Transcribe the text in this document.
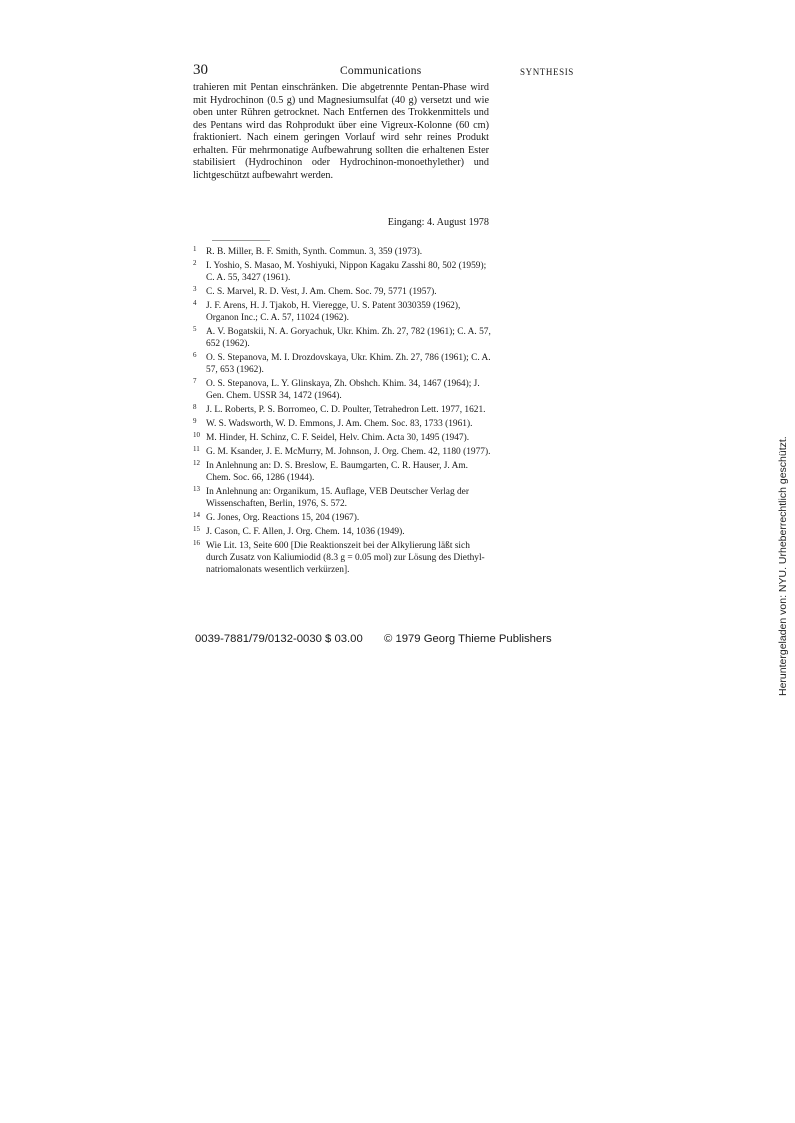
30	Communications	SYNTHESIS

trahieren mit Pentan einschränken. Die abgetrennte Pentan-Phase wird mit Hydrochinon (0.5 g) und Magnesiumsulfat (40 g) versetzt und wie oben unter Rühren getrocknet. Nach Entfernen des Trokkenmittels und des Pentans wird das Rohprodukt über eine Vigreux-Kolonne (60 cm) fraktioniert. Nach einem geringen Vorlauf wird sehr reines Produkt erhalten. Für mehrmonatige Aufbewahrung sollten die erhaltenen Ester stabilisiert (Hydrochinon oder Hydrochinon-monoethylether) und lichtgeschützt aufbewahrt werden.

Eingang: 4. August 1978
1 R. B. Miller, B. F. Smith, Synth. Commun. 3, 359 (1973).
2 I. Yoshio, S. Masao, M. Yoshiyuki, Nippon Kagaku Zasshi 80, 502 (1959); C. A. 55, 3427 (1961).
3 C. S. Marvel, R. D. Vest, J. Am. Chem. Soc. 79, 5771 (1957).
4 J. F. Arens, H. J. Tjakob, H. Vieregge, U. S. Patent 3030359 (1962), Organon Inc.; C. A. 57, 11024 (1962).
5 A. V. Bogatskii, N. A. Goryachuk, Ukr. Khim. Zh. 27, 782 (1961); C. A. 57, 652 (1962).
6 O. S. Stepanova, M. I. Drozdovskaya, Ukr. Khim. Zh. 27, 786 (1961); C. A. 57, 653 (1962).
7 O. S. Stepanova, L. Y. Glinskaya, Zh. Obshch. Khim. 34, 1467 (1964); J. Gen. Chem. USSR 34, 1472 (1964).
8 J. L. Roberts, P. S. Borromeo, C. D. Poulter, Tetrahedron Lett. 1977, 1621.
9 W. S. Wadsworth, W. D. Emmons, J. Am. Chem. Soc. 83, 1733 (1961).
10 M. Hinder, H. Schinz, C. F. Seidel, Helv. Chim. Acta 30, 1495 (1947).
11 G. M. Ksander, J. E. McMurry, M. Johnson, J. Org. Chem. 42, 1180 (1977).
12 In Anlehnung an: D. S. Breslow, E. Baumgarten, C. R. Hauser, J. Am. Chem. Soc. 66, 1286 (1944).
13 In Anlehnung an: Organikum, 15. Auflage, VEB Deutscher Verlag der Wissenschaften, Berlin, 1976, S. 572.
14 G. Jones, Org. Reactions 15, 204 (1967).
15 J. Cason, C. F. Allen, J. Org. Chem. 14, 1036 (1949).
16 Wie Lit. 13, Seite 600 [Die Reaktionszeit bei der Alkylierung läßt sich durch Zusatz von Kaliumiodid (8.3 g = 0.05 mol) zur Lösung des Diethyl-natriomalonats wesentlich verkürzen].
0039-7881/79/0132-0030 $ 03.00 © 1979 Georg Thieme Publishers	Heruntergeladen von: NYU. Urheberrechtlich geschützt.
